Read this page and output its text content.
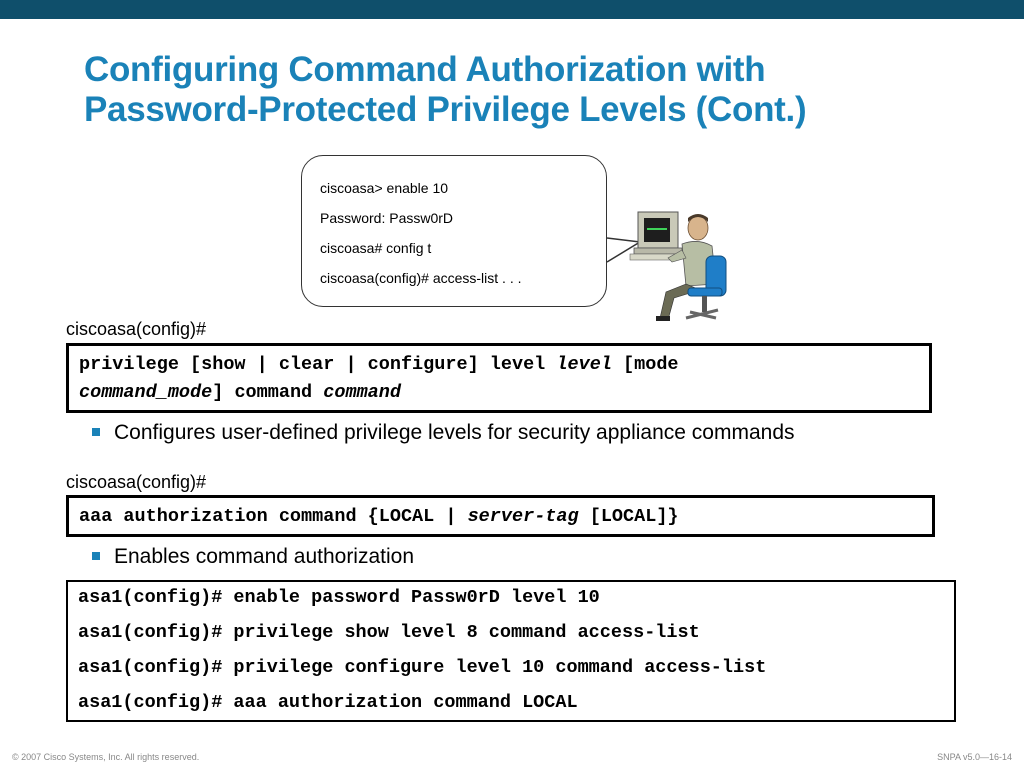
Configuring Command Authorization with
Password-Protected Privilege Levels (Cont.)
ciscoasa> enable 10
Password: Passw0rD
ciscoasa# config t
ciscoasa(config)# access-list . . .
ciscoasa(config)#
privilege [show | clear | configure] level level [mode
command_mode] command command
Configures user-defined privilege levels for security appliance commands
ciscoasa(config)#
aaa authorization command {LOCAL | server-tag [LOCAL]}
Enables command authorization
asa1(config)# enable password Passw0rD level 10
asa1(config)# privilege show level 8 command access-list
asa1(config)# privilege configure level 10 command access-list
asa1(config)# aaa authorization command LOCAL
© 2007 Cisco Systems, Inc. All rights reserved.	SNPA v5.0—16-14
